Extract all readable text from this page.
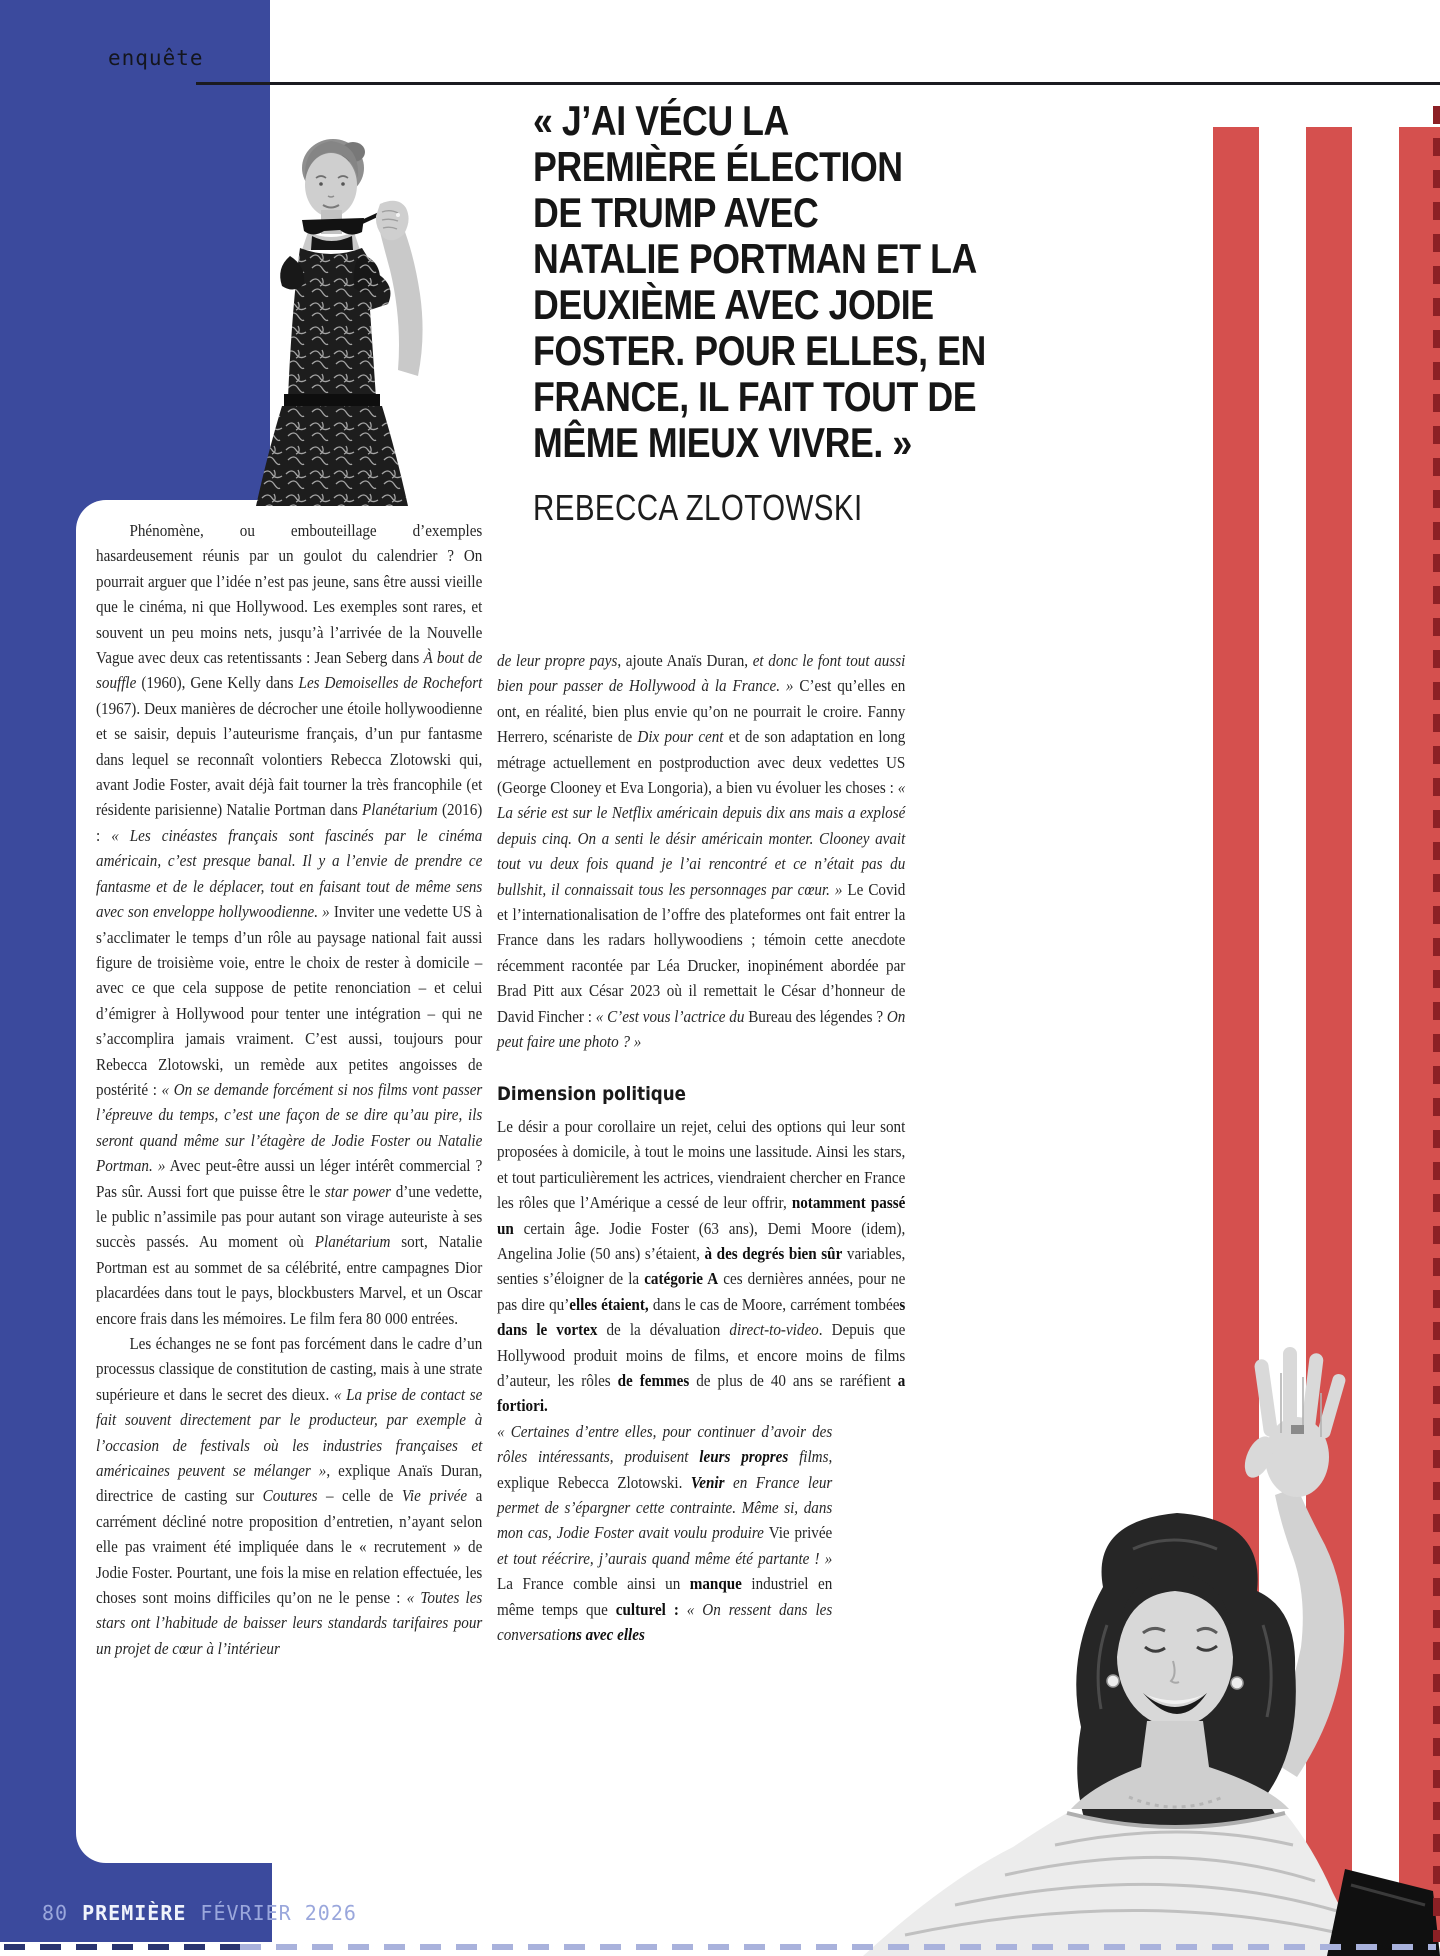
enquête
« J’AI VÉCU LA
PREMIÈRE ÉLECTION
DE TRUMP AVEC
NATALIE PORTMAN ET LA
DEUXIÈME AVEC JODIE
FOSTER. POUR ELLES, EN
FRANCE, IL FAIT TOUT DE
MÊME MIEUX VIVRE. »
REBECCA ZLOTOWSKI
Phénomène, ou embouteillage d’exemples hasardeusement réunis par un goulot du calendrier ? On pourrait arguer que l’idée n’est pas jeune, sans être aussi vieille que le cinéma, ni que Hollywood. Les exemples sont rares, et souvent un peu moins nets, jusqu’à l’arrivée de la Nouvelle Vague avec deux cas retentissants : Jean Seberg dans À bout de souffle (1960), Gene Kelly dans Les Demoiselles de Rochefort (1967). Deux manières de décrocher une étoile hollywoodienne et se saisir, depuis l’auteurisme français, d’un pur fantasme dans lequel se reconnaît volontiers Rebecca Zlotowski qui, avant Jodie Foster, avait déjà fait tourner la très francophile (et résidente parisienne) Natalie Portman dans Planétarium (2016) : « Les cinéastes français sont fascinés par le cinéma américain, c’est presque banal. Il y a l’envie de prendre ce fantasme et de le déplacer, tout en faisant tout de même sens avec son enveloppe hollywoodienne. » Inviter une vedette US à s’acclimater le temps d’un rôle au paysage national fait aussi figure de troisième voie, entre le choix de rester à domicile – avec ce que cela suppose de petite renonciation – et celui d’émigrer à Hollywood pour tenter une intégration – qui ne s’accomplira jamais vraiment. C’est aussi, toujours pour Rebecca Zlotowski, un remède aux petites angoisses de postérité : « On se demande forcément si nos films vont passer l’épreuve du temps, c’est une façon de se dire qu’au pire, ils seront quand même sur l’étagère de Jodie Foster ou Natalie Portman. » Avec peut-être aussi un léger intérêt commercial ? Pas sûr. Aussi fort que puisse être le star power d’une vedette, le public n’assimile pas pour autant son virage auteuriste à ses succès passés. Au moment où Planétarium sort, Natalie Portman est au sommet de sa célébrité, entre campagnes Dior placardées dans tout le pays, blockbusters Marvel, et un Oscar encore frais dans les mémoires. Le film fera 80 000 entrées.
Les échanges ne se font pas forcément dans le cadre d’un processus classique de constitution de casting, mais à une strate supérieure et dans le secret des dieux. « La prise de contact se fait souvent directement par le producteur, par exemple à l’occasion de festivals où les industries françaises et américaines peuvent se mélanger », explique Anaïs Duran, directrice de casting sur Coutures – celle de Vie privée a carrément décliné notre proposition d’entretien, n’ayant selon elle pas vraiment été impliquée dans le « recrutement » de Jodie Foster. Pourtant, une fois la mise en relation effectuée, les choses sont moins difficiles qu’on ne le pense : « Toutes les stars ont l’habitude de baisser leurs standards tarifaires pour un projet de cœur à l’intérieur
de leur propre pays, ajoute Anaïs Duran, et donc le font tout aussi bien pour passer de Hollywood à la France. » C’est qu’elles en ont, en réalité, bien plus envie qu’on ne pourrait le croire. Fanny Herrero, scénariste de Dix pour cent et de son adaptation en long métrage actuellement en postproduction avec deux vedettes US (George Clooney et Eva Longoria), a bien vu évoluer les choses : « La série est sur le Netflix américain depuis dix ans mais a explosé depuis cinq. On a senti le désir américain monter. Clooney avait tout vu deux fois quand je l’ai rencontré et ce n’était pas du bullshit, il connaissait tous les personnages par cœur. » Le Covid et l’internationalisation de l’offre des plateformes ont fait entrer la France dans les radars hollywoodiens ; témoin cette anecdote récemment racontée par Léa Drucker, inopinément abordée par Brad Pitt aux César 2023 où il remettait le César d’honneur de David Fincher : « C’est vous l’actrice du Bureau des légendes ? On peut faire une photo ? »
Dimension politique
Le désir a pour corollaire un rejet, celui des options qui leur sont proposées à domicile, à tout le moins une lassitude. Ainsi les stars, et tout particulièrement les actrices, viendraient chercher en France les rôles que l’Amérique a cessé de leur offrir, notamment passé un certain âge. Jodie Foster (63 ans), Demi Moore (idem), Angelina Jolie (50 ans) s’étaient, à des degrés bien sûr variables, senties s’éloigner de la catégorie A ces dernières années, pour ne pas dire qu’elles étaient, dans le cas de Moore, carrément tombées dans le vortex de la dévaluation direct-to-video. Depuis que Hollywood produit moins de films, et encore moins de films d’auteur, les rôles de femmes de plus de 40 ans se raréfient a fortiori.
« Certaines d’entre elles, pour continuer d’avoir des rôles intéressants, produisent leurs propres films, explique Rebecca Zlotowski. Venir en France leur permet de s’épargner cette contrainte. Même si, dans mon cas, Jodie Foster avait voulu produire Vie privée et tout réécrire, j’aurais quand même été partante ! » La France comble ainsi un manque industriel en même temps que culturel : « On ressent dans les conversations avec elles
80 PREMIÈRE FÉVRIER 2026
